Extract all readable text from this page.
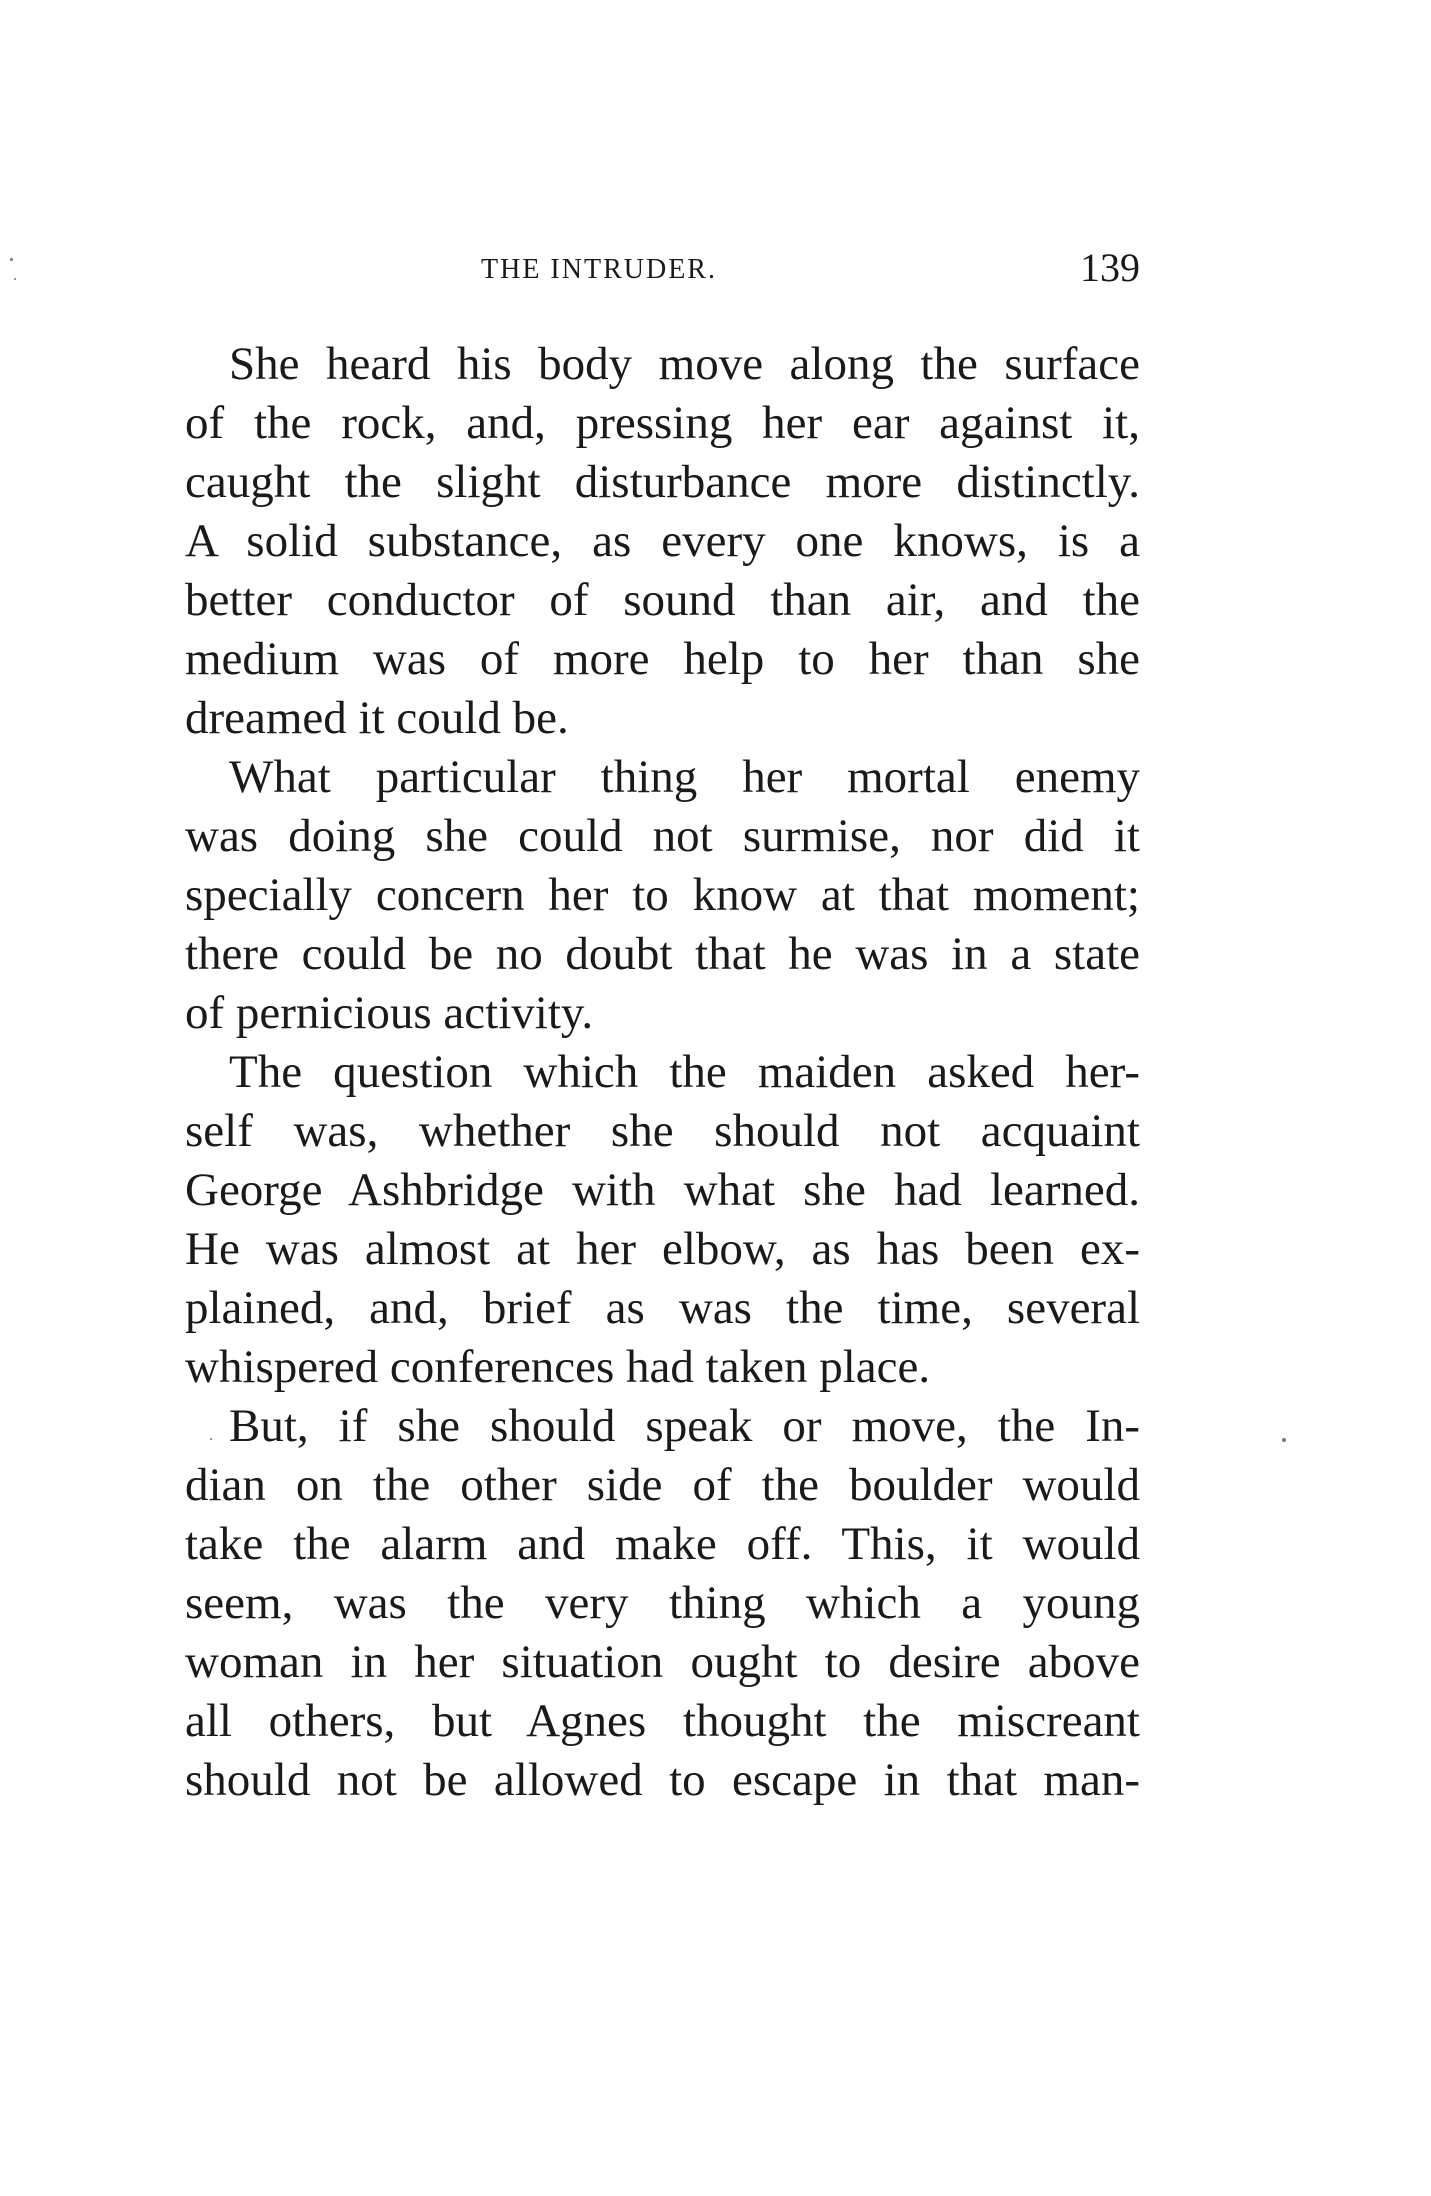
THE INTRUDER.	139

She heard his body move along the surface
of the rock, and, pressing her ear against it,
caught the slight disturbance more distinctly.
A solid substance, as every one knows, is a
better conductor of sound than air, and the
medium was of more help to her than she
dreamed it could be.

What particular thing her mortal enemy
was doing she could not surmise, nor did it
specially concern her to know at that moment;
there could be no doubt that he was in a state
of pernicious activity.

The question which the maiden asked her-
self was, whether she should not acquaint
George Ashbridge with what she had learned.
He was almost at her elbow, as has been ex-
plained, and, brief as was the time, several
whispered conferences had taken place.

But, if she should speak or move, the In-
dian on the other side of the boulder would
take the alarm and make off. This, it would
seem, was the very thing which a young
woman in her situation ought to desire above
all others, but Agnes thought the miscreant
should not be allowed to escape in that man-
